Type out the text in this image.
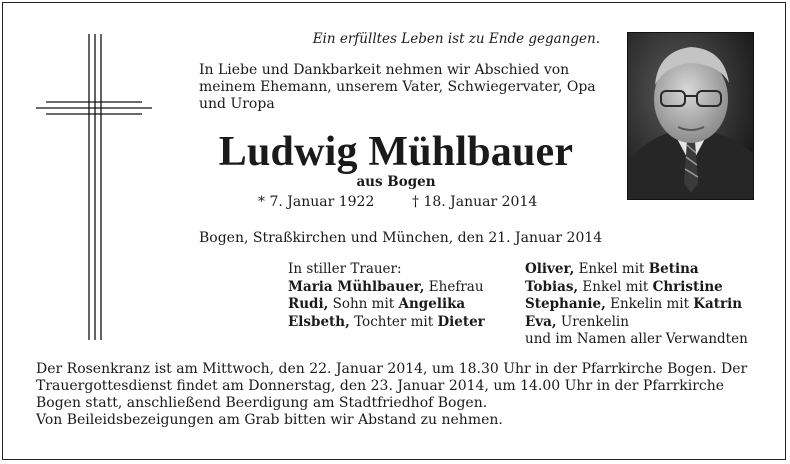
Ein erfülltes Leben ist zu Ende gegangen.
In Liebe und Dankbarkeit nehmen wir Abschied von meinem Ehemann, unserem Vater, Schwiegervater, Opa und Uropa
Ludwig Mühlbauer
aus Bogen
* 7. Januar 1922	† 18. Januar 2014
Bogen, Straßkirchen und München, den 21. Januar 2014
In stiller Trauer:
Maria Mühlbauer, Ehefrau
Rudi, Sohn mit Angelika
Elsbeth, Tochter mit Dieter
Oliver, Enkel mit Betina
Tobias, Enkel mit Christine
Stephanie, Enkelin mit Katrin
Eva, Urenkelin
und im Namen aller Verwandten

Der Rosenkranz ist am Mittwoch, den 22. Januar 2014, um 18.30 Uhr in der Pfarrkirche Bogen. Der Trauergottesdienst findet am Donnerstag, den 23. Januar 2014, um 14.00 Uhr in der Pfarrkirche Bogen statt, anschließend Beerdigung am Stadtfriedhof Bogen.

Von Beileidsbezeigungen am Grab bitten wir Abstand zu nehmen.
